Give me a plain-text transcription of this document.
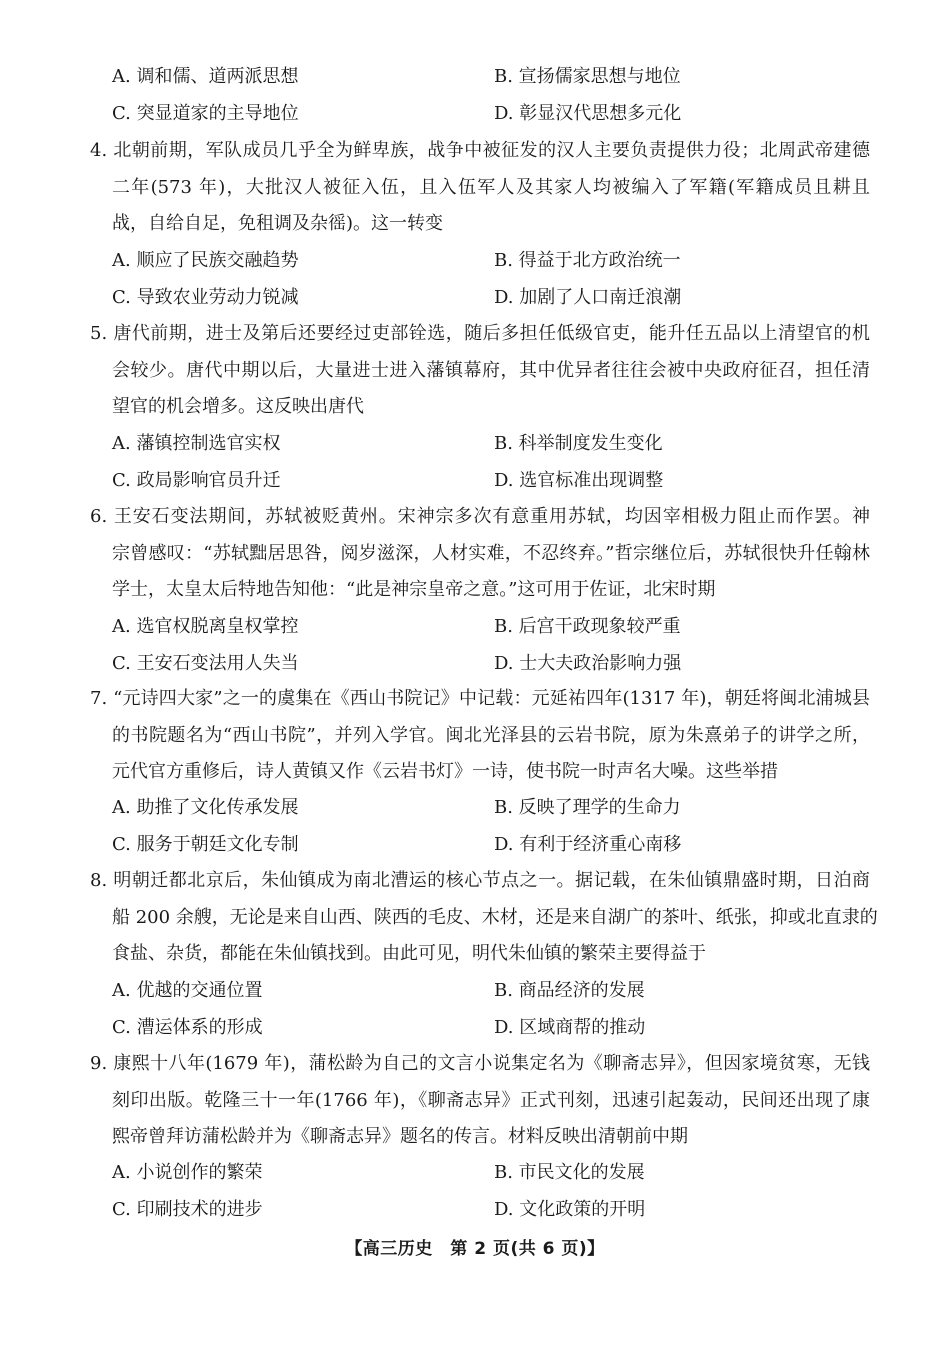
A. 调和儒、道两派思想	B. 宣扬儒家思想与地位
C. 突显道家的主导地位	D. 彰显汉代思想多元化
4. 北朝前期，军队成员几乎全为鲜卑族，战争中被征发的汉人主要负责提供力役；北周武帝建德
二年(573 年)，大批汉人被征入伍，且入伍军人及其家人均被编入了军籍(军籍成员且耕且
战，自给自足，免租调及杂徭)。这一转变
A. 顺应了民族交融趋势	B. 得益于北方政治统一
C. 导致农业劳动力锐减	D. 加剧了人口南迁浪潮
5. 唐代前期，进士及第后还要经过吏部铨选，随后多担任低级官吏，能升任五品以上清望官的机
会较少。唐代中期以后，大量进士进入藩镇幕府，其中优异者往往会被中央政府征召，担任清
望官的机会增多。这反映出唐代
A. 藩镇控制选官实权	B. 科举制度发生变化
C. 政局影响官员升迁	D. 选官标准出现调整
6. 王安石变法期间，苏轼被贬黄州。宋神宗多次有意重用苏轼，均因宰相极力阻止而作罢。神
宗曾感叹：“苏轼黜居思咎，阅岁滋深，人材实难，不忍终弃。”哲宗继位后，苏轼很快升任翰林
学士，太皇太后特地告知他：“此是神宗皇帝之意。”这可用于佐证，北宋时期
A. 选官权脱离皇权掌控	B. 后宫干政现象较严重
C. 王安石变法用人失当	D. 士大夫政治影响力强
7. “元诗四大家”之一的虞集在《西山书院记》中记载：元延祐四年(1317 年)，朝廷将闽北浦城县
的书院题名为“西山书院”，并列入学官。闽北光泽县的云岩书院，原为朱熹弟子的讲学之所，
元代官方重修后，诗人黄镇又作《云岩书灯》一诗，使书院一时声名大噪。这些举措
A. 助推了文化传承发展	B. 反映了理学的生命力
C. 服务于朝廷文化专制	D. 有利于经济重心南移
8. 明朝迁都北京后，朱仙镇成为南北漕运的核心节点之一。据记载，在朱仙镇鼎盛时期，日泊商
船 200 余艘，无论是来自山西、陕西的毛皮、木材，还是来自湖广的茶叶、纸张，抑或北直隶的
食盐、杂货，都能在朱仙镇找到。由此可见，明代朱仙镇的繁荣主要得益于
A. 优越的交通位置	B. 商品经济的发展
C. 漕运体系的形成	D. 区域商帮的推动
9. 康熙十八年(1679 年)，蒲松龄为自己的文言小说集定名为《聊斋志异》，但因家境贫寒，无钱
刻印出版。乾隆三十一年(1766 年)，《聊斋志异》正式刊刻，迅速引起轰动，民间还出现了康
熙帝曾拜访蒲松龄并为《聊斋志异》题名的传言。材料反映出清朝前中期
A. 小说创作的繁荣	B. 市民文化的发展
C. 印刷技术的进步	D. 文化政策的开明
【高三历史　第 2 页(共 6 页)】
